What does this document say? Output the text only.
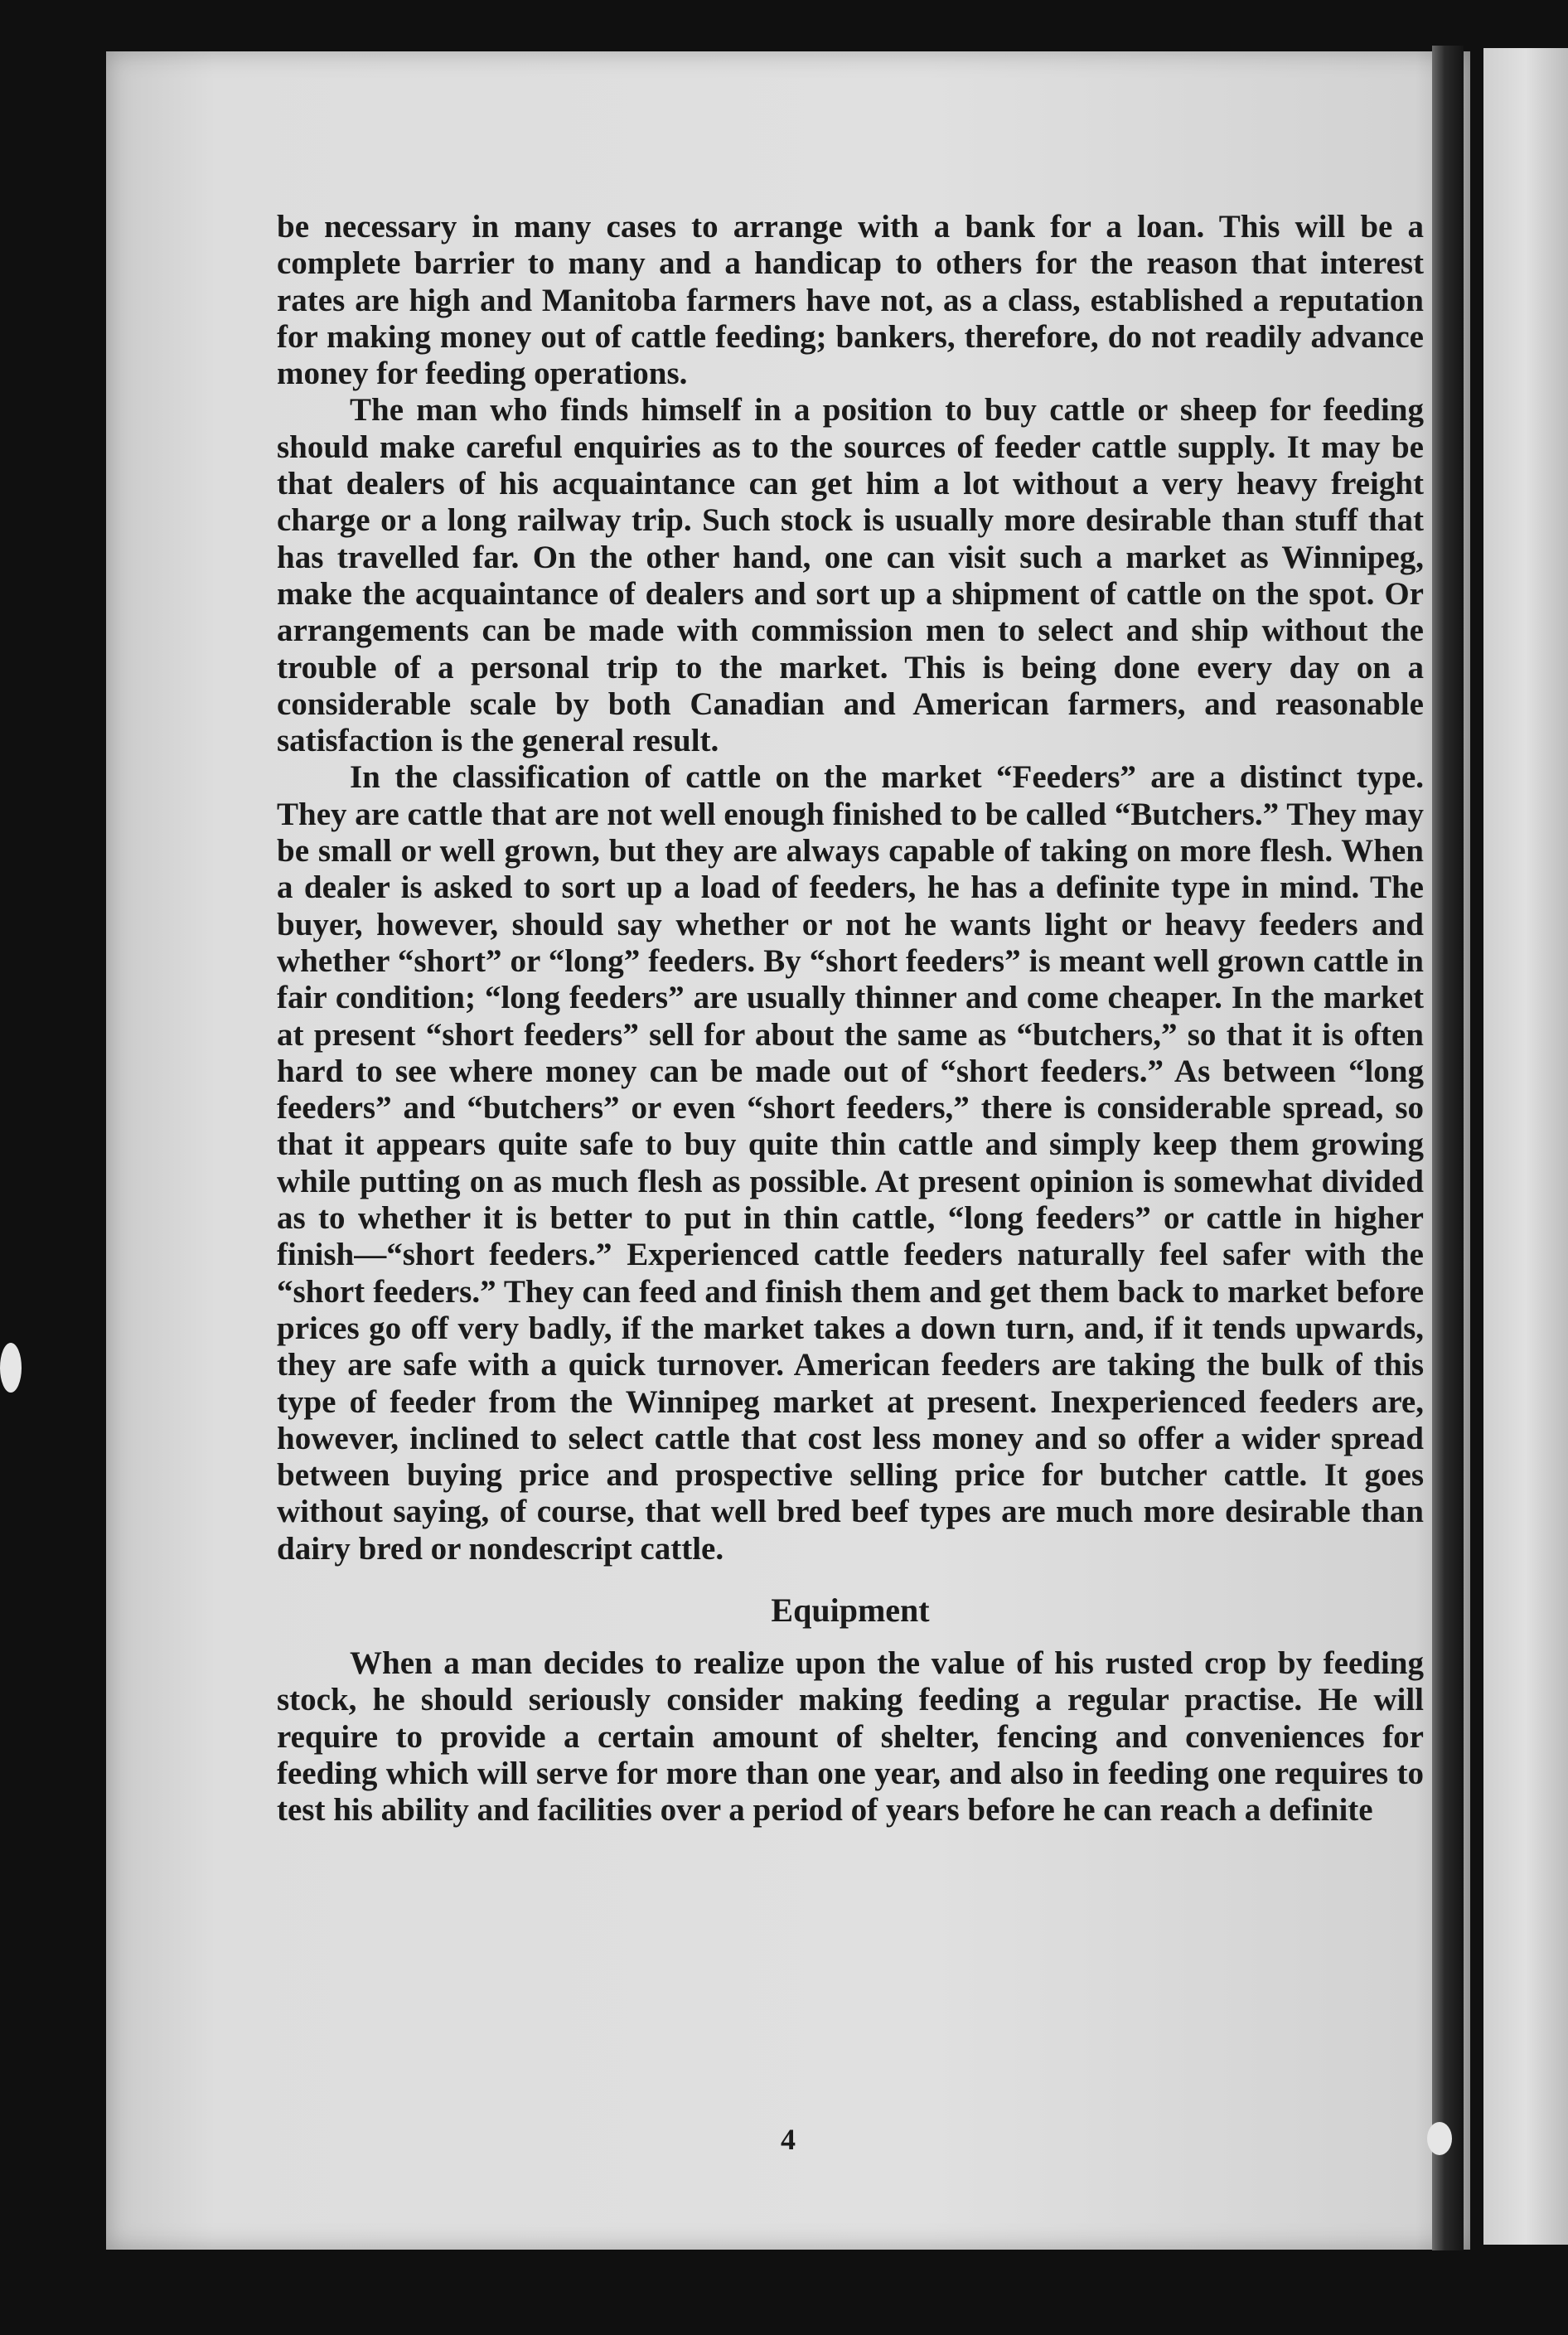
4

be necessary in many cases to arrange with a bank for a loan. This will be a complete barrier to many and a handicap to others for the reason that interest rates are high and Manitoba farmers have not, as a class, established a reputation for making money out of cattle feeding; bankers, therefore, do not readily advance money for feeding operations.

The man who finds himself in a position to buy cattle or sheep for feeding should make careful enquiries as to the sources of feeder cattle supply. It may be that dealers of his acquaintance can get him a lot without a very heavy freight charge or a long railway trip. Such stock is usually more desirable than stuff that has travelled far. On the other hand, one can visit such a market as Winnipeg, make the acquaintance of dealers and sort up a shipment of cattle on the spot. Or arrangements can be made with commission men to select and ship without the trouble of a personal trip to the market. This is being done every day on a considerable scale by both Canadian and American farmers, and reasonable satisfaction is the general result.

In the classification of cattle on the market “Feeders” are a distinct type. They are cattle that are not well enough finished to be called “Butchers.” They may be small or well grown, but they are always capable of taking on more flesh. When a dealer is asked to sort up a load of feeders, he has a definite type in mind. The buyer, however, should say whether or not he wants light or heavy feeders and whether “short” or “long” feeders. By “short feeders” is meant well grown cattle in fair condition; “long feeders” are usually thinner and come cheaper. In the market at present “short feeders” sell for about the same as “butchers,” so that it is often hard to see where money can be made out of “short feeders.” As between “long feeders” and “butchers” or even “short feeders,” there is considerable spread, so that it appears quite safe to buy quite thin cattle and simply keep them growing while putting on as much flesh as possible. At present opinion is somewhat divided as to whether it is better to put in thin cattle, “long feeders” or cattle in higher finish—“short feeders.” Experienced cattle feeders naturally feel safer with the “short feeders.” They can feed and finish them and get them back to market before prices go off very badly, if the market takes a down turn, and, if it tends upwards, they are safe with a quick turnover. American feeders are taking the bulk of this type of feeder from the Winnipeg market at present. Inexperienced feeders are, however, inclined to select cattle that cost less money and so offer a wider spread between buying price and prospective selling price for butcher cattle. It goes without saying, of course, that well bred beef types are much more desirable than dairy bred or nondescript cattle.

Equipment

When a man decides to realize upon the value of his rusted crop by feeding stock, he should seriously consider making feeding a regular practise. He will require to provide a certain amount of shelter, fencing and conveniences for feeding which will serve for more than one year, and also in feeding one requires to test his ability and facilities over a period of years before he can reach a definite
